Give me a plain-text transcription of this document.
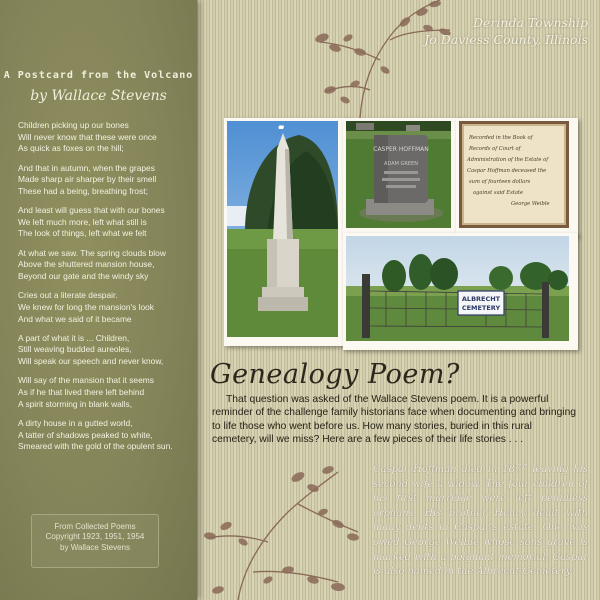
A Postcard from the Volcano
by Wallace Stevens
Children picking up our bones
Will never know that these were once
As quick as foxes on the hill;
And that in autumn, when the grapes
Made sharp air sharper by their smell
These had a being, breathing frost;
And least will guess that with our bones
We left much more, left what still is
The look of things, left what we felt
At what we saw. The spring clouds blow
Above the shuttered mansion house,
Beyond our gate and the windy sky
Cries out a literate despair.
We knew for long the mansion's look
And what we said of it became
A part of what it is ... Children,
Still weaving budded aureoles,
Will speak our speech and never know,
Will say of the mansion that it seems
As if he that lived there left behind
A spirit storming in blank walls,
A dirty house in a gutted world,
A tatter of shadows peaked to white,
Smeared with the gold of the opulent sun.
From Collected Poems
Copyright 1923, 1951, 1954
by Wallace Stevens
Derinda Township
Jo Daviess County, Illinois
CASPER HOFFMAN
ADAM GREEN
Recorded in the Book of
Records of Court of
Administration of the Estate of
Caspar Hoffman deceased the
sum of fourteen dollars
against said Estate
George Weible
ALBRECHT
CEMETERY
Genealogy Poem?
That question was asked of the Wallace Stevens poem. It is a powerful reminder of the challenge family historians face when documenting and bringing to life those who went before us. How many stories, buried in this rural cemetery, will we miss? Here are a few pieces of their life stories . . .

Caspar Hoffman died in 1877 leaving his second wife a widow. The four children of his first marriage were left penniless orphans. His brother Henry dealt with many debts in Caspar's estate. One was owed George Weible whose sons grave is marked with a poignant memorial. Caspar is also named in the Albrecht Cemetery.
